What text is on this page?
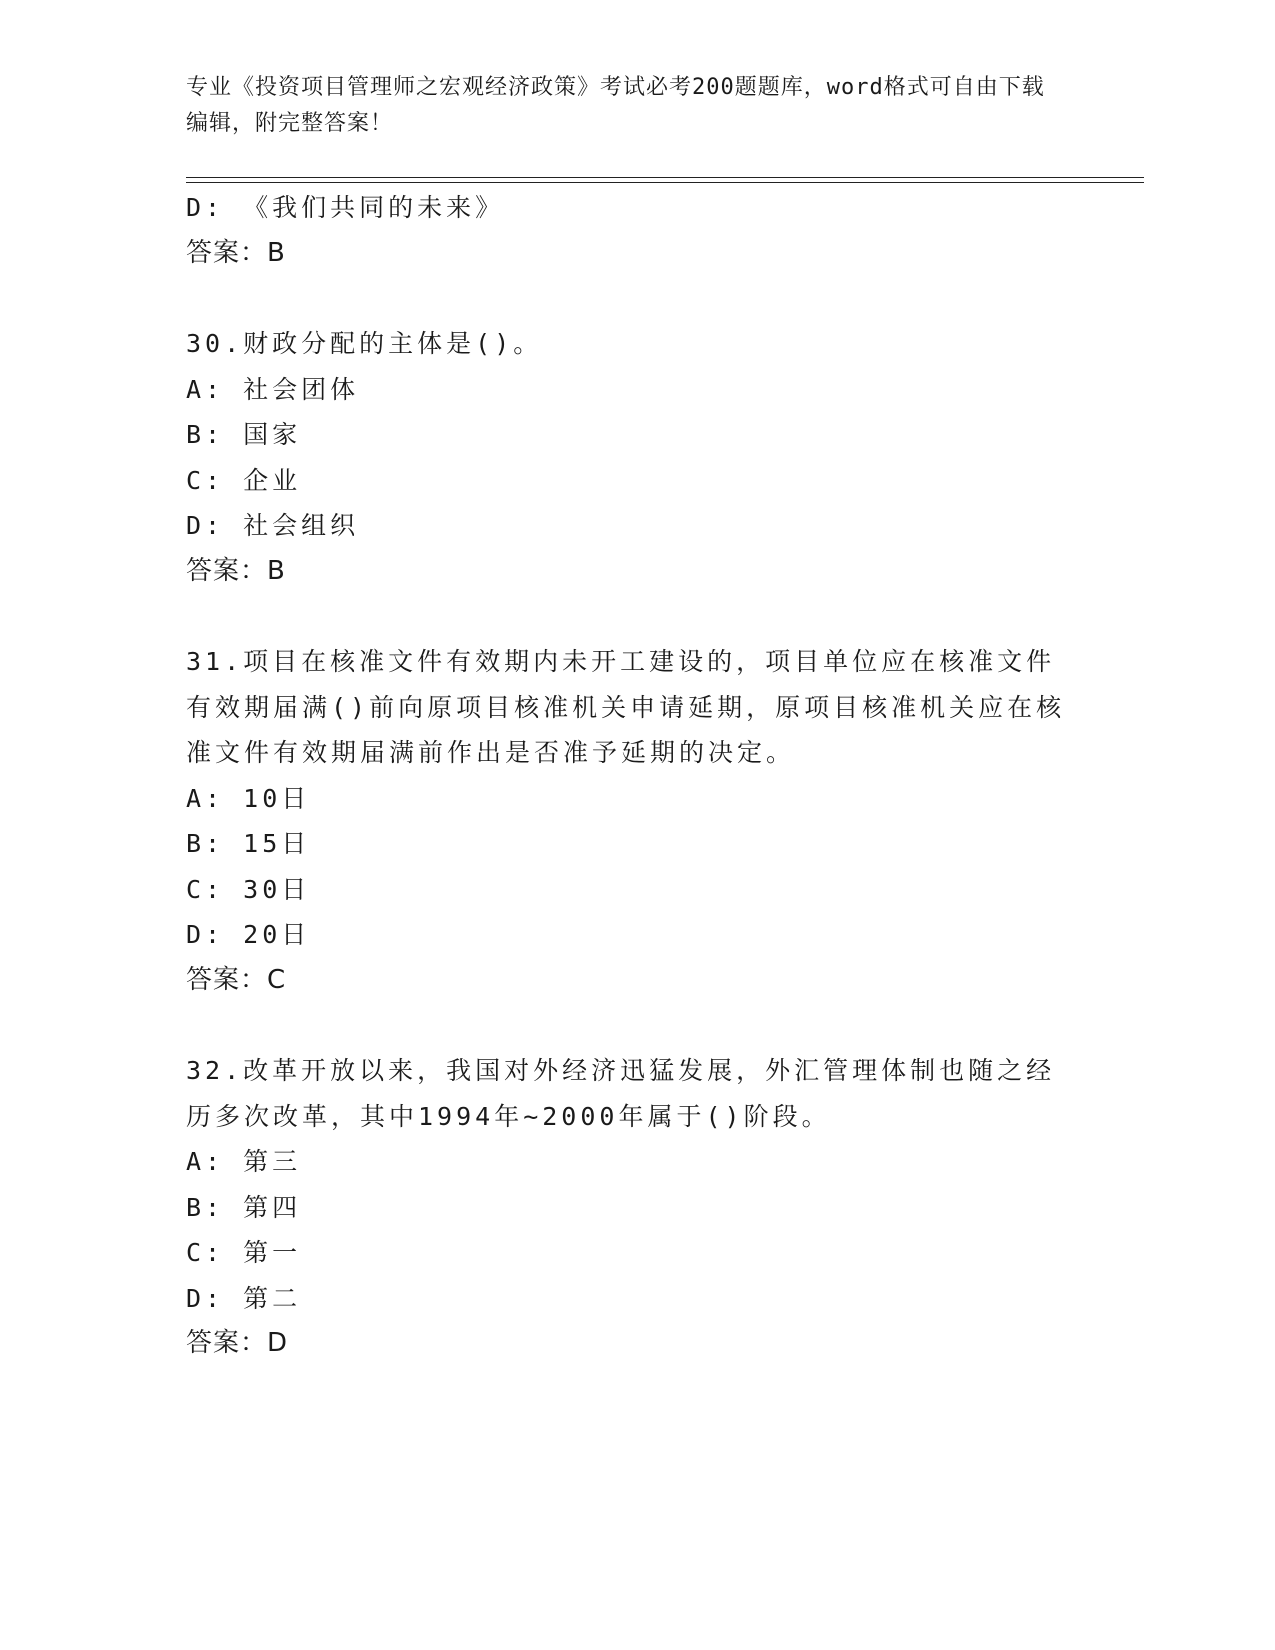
专业《投资项目管理师之宏观经济政策》考试必考200题题库，word格式可自由下载编辑，附完整答案！

D: 《我们共同的未来》
答案：B
30.财政分配的主体是()。
A: 社会团体
B: 国家
C: 企业
D: 社会组织
答案：B
31.项目在核准文件有效期内未开工建设的，项目单位应在核准文件有效期届满()前向原项目核准机关申请延期，原项目核准机关应在核准文件有效期届满前作出是否准予延期的决定。
A: 10日
B: 15日
C: 30日
D: 20日
答案：C
32.改革开放以来，我国对外经济迅猛发展，外汇管理体制也随之经历多次改革，其中1994年~2000年属于()阶段。
A: 第三
B: 第四
C: 第一
D: 第二
答案：D
